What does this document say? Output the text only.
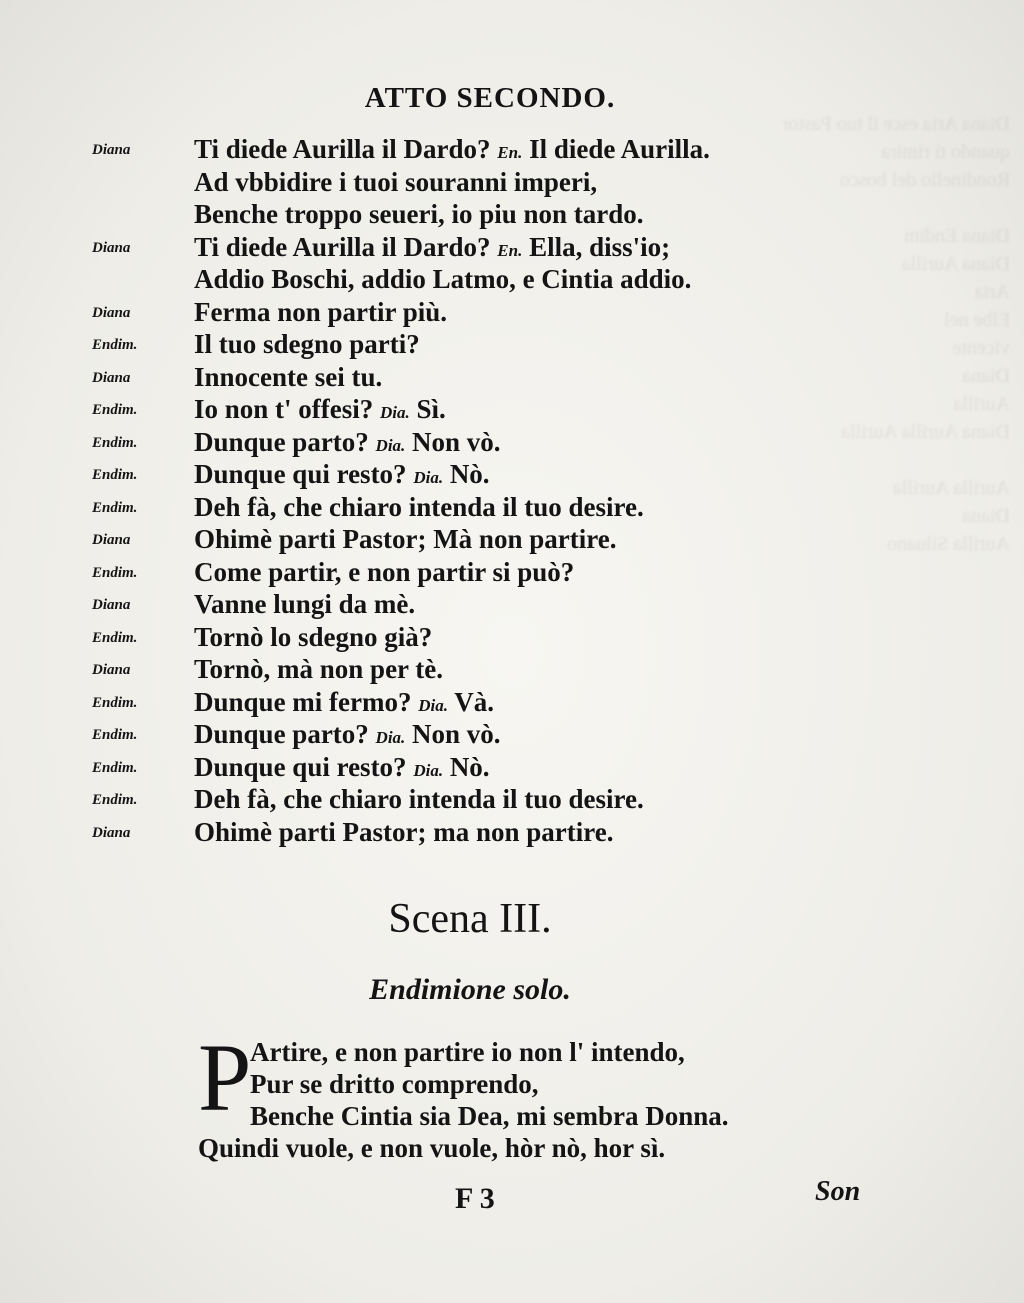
Diana Aria esce il tuo Pastor
quando ti rimira
Rondinello del bosco

Diana Endim
Diana Aurilla
Aria
Elbe nel
vicente
Diana
Aurilla
Diana Aurilla Aurilla

Aurilla Aurilla
Diana
Aurilla Siluano
ATTO SECONDO.
Diana Ti diede Aurilla il Dardo? En. Il diede Aurilla.
Ad vbbidire i tuoi souranni imperi,
Benche troppo seueri, io piu non tardo.
Diana Ti diede Aurilla il Dardo? En. Ella, diss'io;
Addio Boschi, addio Latmo, e Cintia addio.
Diana Ferma non partir più.
Endim. Il tuo sdegno parti?
Diana Innocente sei tu.
Endim. Io non t' offesi? Dia. Sì.
Endim. Dunque parto? Dia. Non vò.
Endim. Dunque qui resto? Dia. Nò.
Endim. Deh fà, che chiaro intenda il tuo desire.
Diana Ohimè parti Pastor; Mà non partire.
Endim. Come partir, e non partir si può?
Diana Vanne lungi da mè.
Endim. Tornò lo sdegno già?
Diana Tornò, mà non per tè.
Endim. Dunque mi fermo? Dia. Và.
Endim. Dunque parto? Dia. Non vò.
Endim. Dunque qui resto? Dia. Nò.
Endim. Deh fà, che chiaro intenda il tuo desire.
Diana Ohimè parti Pastor; ma non partire.
Scena III.
Endimione solo.
P
Artire, e non partire io non l' intendo,
Pur se dritto comprendo,
Benche Cintia sia Dea, mi sembra Donna.
Quindi vuole, e non vuole, hòr nò, hor sì.
F 3	Son
